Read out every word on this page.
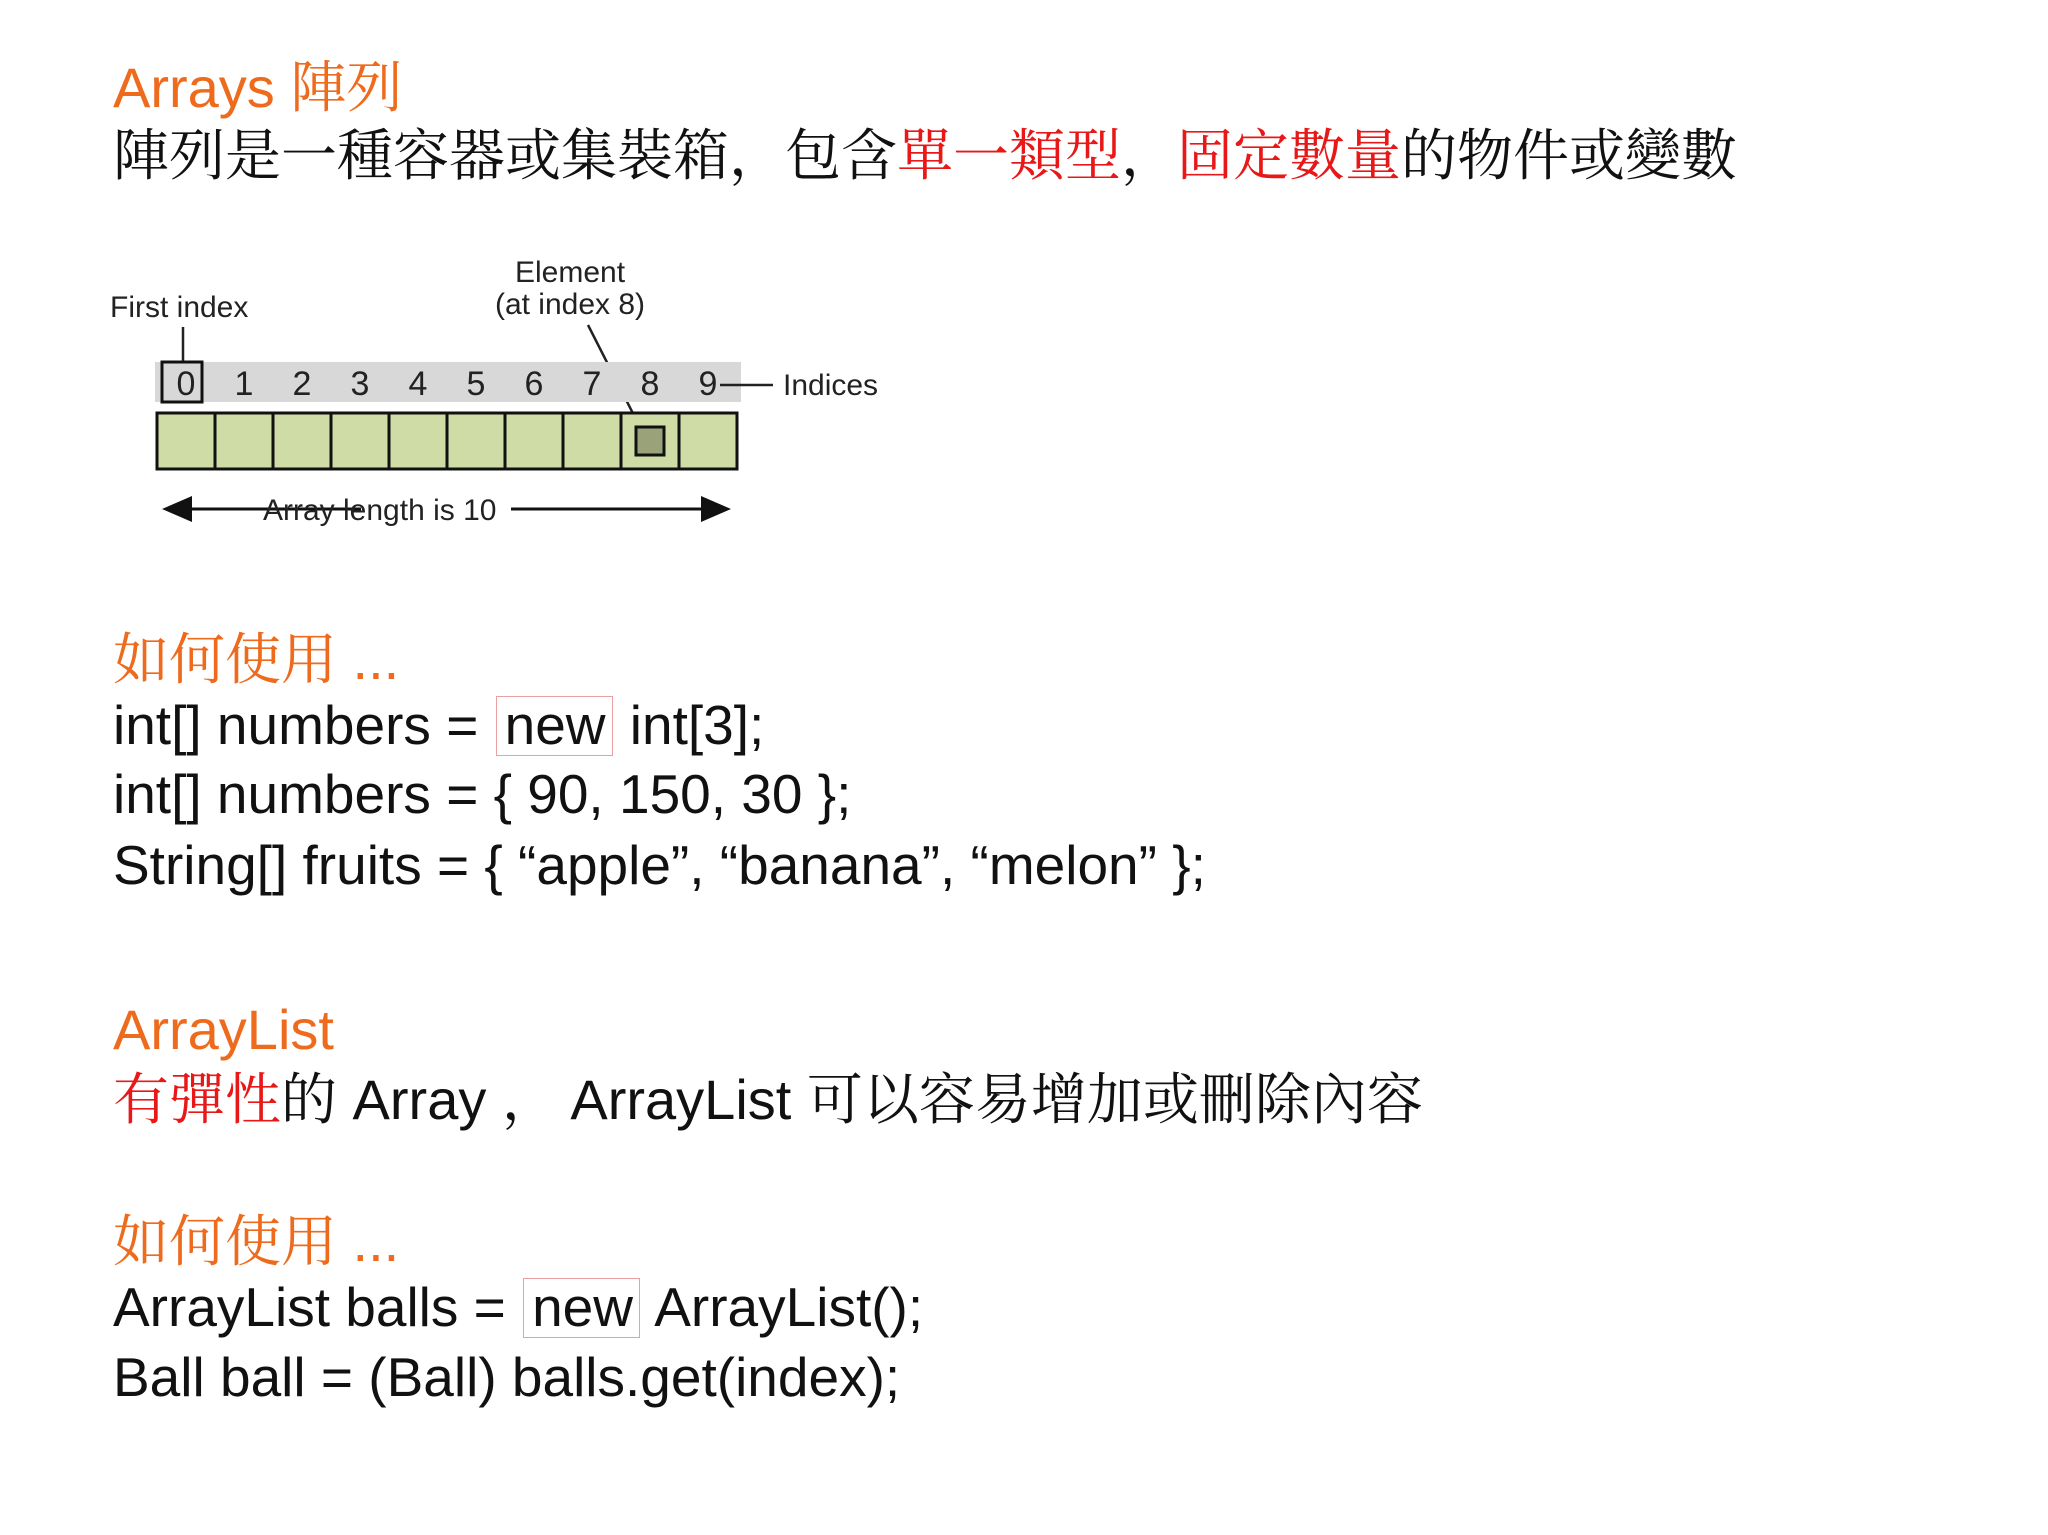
Arrays 陣列
陣列是一種容器或集裝箱，包含單一類型，固定數量的物件或變數
First index
Element
(at index 8)
0 1 2 3 4 5 6 7 8 9 Indices
Array length is 10
如何使用 ...
int[] numbers = new int[3];
int[] numbers = { 90, 150, 30 };
String[] fruits = { “apple”, “banana”, “melon” };
ArrayList
有彈性的 Array ， ArrayList 可以容易增加或刪除內容
如何使用 ...
ArrayList balls = new ArrayList();
Ball ball = (Ball) balls.get(index);
